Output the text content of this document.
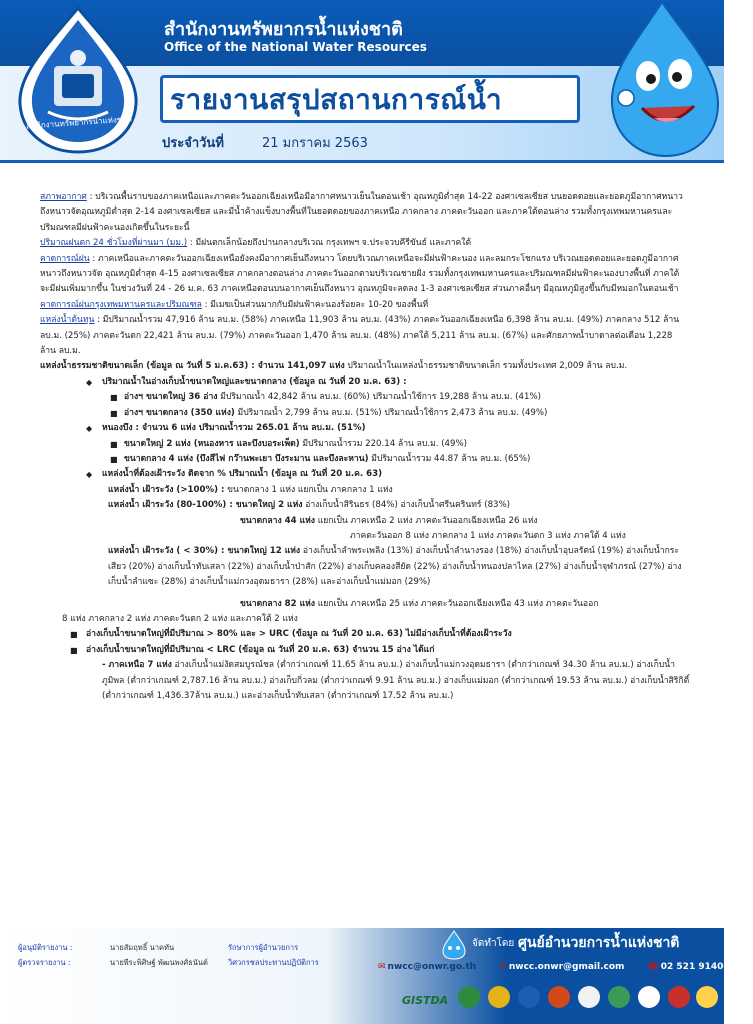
สำนักงานทรัพยากรน้ำแห่งชาติ
สำนักงานทรัพยากรน้ำแห่งชาติ
Office of the National Water Resources
รายงานสรุปสถานการณ์น้ำ
ประจำวันที่	21 มกราคม 2563

สภาพอากาศ : บริเวณพื้นราบของภาคเหนือและภาคตะวันออกเฉียงเหนือมีอากาศหนาวเย็นในตอนเช้า อุณหภูมิต่ำสุด 14-22 องศาเซลเซียส บนยอดดอยและยอดภูมีอากาศหนาวถึงหนาวจัดอุณหภูมิต่ำสุด 2-14 องศาเซลเซียส และมีน้ำค้างแข็งบางพื้นที่ในยอดดอยของภาคเหนือ ภาคกลาง ภาคตะวันออก และภาคใต้ตอนล่าง รวมทั้งกรุงเทพมหานครและปริมณฑลมีฝนฟ้าคะนองเกิดขึ้นในระยะนี้

ปริมาณฝนตก 24 ชั่วโมงที่ผ่านมา (มม.) : มีฝนตกเล็กน้อยถึงปานกลางบริเวณ กรุงเทพฯ จ.ประจวบคีรีขันธ์ และภาคใต้

คาดการณ์ฝน : ภาคเหนือและภาคตะวันออกเฉียงเหนือยังคงมีอากาศเย็นถึงหนาว โดยบริเวณภาคเหนือจะมีฝนฟ้าคะนอง และลมกระโชกแรง บริเวณยอดดอยและยอดภูมีอากาศหนาวถึงหนาวจัด อุณหภูมิต่ำสุด 4-15 องศาเซลเซียส ภาคกลางตอนล่าง ภาคตะวันออกตามบริเวณชายฝั่ง รวมทั้งกรุงเทพมหานครและปริมณฑลมีฝนฟ้าคะนองบางพื้นที่ ภาคใต้ จะมีฝนเพิ่มมากขึ้น ในช่วงวันที่ 24 - 26 ม.ค. 63 ภาคเหนือตอนบนอากาศเย็นถึงหนาว อุณหภูมิจะลดลง 1-3 องศาเซลเซียส ส่วนภาคอื่นๆ มีอุณหภูมิสูงขึ้นกับมีหมอกในตอนเช้า

คาดการณ์ฝนกรุงเทพมหานครและปริมณฑล : มีเมฆเป็นส่วนมากกับมีฝนฟ้าคะนองร้อยละ 10-20 ของพื้นที่

แหล่งน้ำต้นทุน : มีปริมาณน้ำรวม 47,916 ล้าน ลบ.ม. (58%) ภาคเหนือ 11,903 ล้าน ลบ.ม. (43%) ภาคตะวันออกเฉียงเหนือ 6,398 ล้าน ลบ.ม. (49%) ภาคกลาง 512 ล้าน ลบ.ม. (25%) ภาคตะวันตก 22,421 ล้าน ลบ.ม. (79%) ภาคตะวันออก 1,470 ล้าน ลบ.ม. (48%) ภาคใต้ 5,211 ล้าน ลบ.ม. (67%) และศักยภาพน้ำบาดาลต่อเดือน 1,228 ล้าน ลบ.ม.

แหล่งน้ำธรรมชาติขนาดเล็ก (ข้อมูล ณ วันที่ 5 ม.ค.63) : จำนวน 141,097 แห่ง ปริมาณน้ำในแหล่งน้ำธรรมชาติขนาดเล็ก รวมทั้งประเทศ 2,009 ล้าน ลบ.ม.

◆ ปริมาณน้ำในอ่างเก็บน้ำขนาดใหญ่และขนาดกลาง (ข้อมูล ณ วันที่ 20 ม.ค. 63) :

■ อ่างฯ ขนาดใหญ่ 36 อ่าง มีปริมาณน้ำ 42,842 ล้าน ลบ.ม. (60%) ปริมาณน้ำใช้การ 19,288 ล้าน ลบ.ม. (41%)

■ อ่างฯ ขนาดกลาง (350 แห่ง) มีปริมาณน้ำ 2,799 ล้าน ลบ.ม. (51%) ปริมาณน้ำใช้การ 2,473 ล้าน ลบ.ม. (49%)

◆ หนองบึง : จำนวน 6 แห่ง ปริมาณน้ำรวม 265.01 ล้าน ลบ.ม. (51%)

■ ขนาดใหญ่ 2 แห่ง (หนองหาร และบึงบอระเพ็ด) มีปริมาณน้ำรวม 220.14 ล้าน ลบ.ม. (49%)

■ ขนาดกลาง 4 แห่ง (บึงสีไฟ กว๊านพะเยา บึงระมาน และบึงละหาน) มีปริมาณน้ำรวม 44.87 ล้าน ลบ.ม. (65%)

◆ แหล่งน้ำที่ต้องเฝ้าระวัง ติดจาก % ปริมาณน้ำ (ข้อมูล ณ วันที่ 20 ม.ค. 63)

แหล่งน้ำ เฝ้าระวัง (>100%) : ขนาดกลาง 1 แห่ง แยกเป็น ภาคกลาง 1 แห่ง

แหล่งน้ำ เฝ้าระวัง (80-100%) : ขนาดใหญ่ 2 แห่ง อ่างเก็บน้ำสิรินธร (84%) อ่างเก็บน้ำศรีนครินทร์ (83%)

ขนาดกลาง 44 แห่ง แยกเป็น ภาคเหนือ 2 แห่ง ภาคตะวันออกเฉียงเหนือ 26 แห่ง

ภาคตะวันออก 8 แห่ง ภาคกลาง 1 แห่ง ภาคตะวันตก 3 แห่ง ภาคใต้ 4 แห่ง

แหล่งน้ำ เฝ้าระวัง ( < 30%) : ขนาดใหญ่ 12 แห่ง อ่างเก็บน้ำลำพระเพลิง (13%) อ่างเก็บน้ำลำนางรอง (18%) อ่างเก็บน้ำอุบลรัตน์ (19%) อ่างเก็บน้ำกระเสียว (20%) อ่างเก็บน้ำทับเสลา (22%) อ่างเก็บน้ำป่าสัก (22%) อ่างเก็บคลองสียัด (22%) อ่างเก็บน้ำหนองปลาไหล (27%) อ่างเก็บน้ำจุฬาภรณ์ (27%) อ่างเก็บน้ำลำแซะ (28%) อ่างเก็บน้ำแม่กวงอุดมธารา (28%) และอ่างเก็บน้ำแม่มอก (29%)

ขนาดกลาง 82 แห่ง แยกเป็น ภาคเหนือ 25 แห่ง ภาคตะวันออกเฉียงเหนือ 43 แห่ง ภาคตะวันออก

8 แห่ง ภาคกลาง 2 แห่ง ภาคตะวันตก 2 แห่ง และภาคใต้ 2 แห่ง

■ อ่างเก็บน้ำขนาดใหญ่ที่มีปริมาณ > 80% และ > URC (ข้อมูล ณ วันที่ 20 ม.ค. 63) ไม่มีอ่างเก็บน้ำที่ต้องเฝ้าระวัง

■ อ่างเก็บน้ำขนาดใหญ่ที่มีปริมาณ < LRC (ข้อมูล ณ วันที่ 20 ม.ค. 63) จำนวน 15 อ่าง ได้แก่

- ภาคเหนือ 7 แห่ง อ่างเก็บน้ำแม่งัดสมบูรณ์ชล (ต่ำกว่าเกณฑ์ 11.65 ล้าน ลบ.ม.) อ่างเก็บน้ำแม่กวงอุดมธารา (ต่ำกว่าเกณฑ์ 34.30 ล้าน ลบ.ม.) อ่างเก็บน้ำภูมิพล (ต่ำกว่าเกณฑ์ 2,787.16 ล้าน ลบ.ม.) อ่างเก็บกิ่วลม (ต่ำกว่าเกณฑ์ 9.91 ล้าน ลบ.ม.) อ่างเก็บแม่มอก (ต่ำกว่าเกณฑ์ 19.53 ล้าน ลบ.ม.) อ่างเก็บน้ำสิริกิติ์ (ต่ำกว่าเกณฑ์ 1,436.37ล้าน ลบ.ม.) และอ่างเก็บน้ำทับเสลา (ต่ำกว่าเกณฑ์ 17.52 ล้าน ลบ.ม.)

ผู้อนุมัติรายงาน :	นายสัมฤทธิ์ นาคทัน	รักษาการผู้อำนวยการ
ผู้ตรวจรายงาน :	นายพีระพิศิษฐ์ พัฒนพงศ์ธนันต์	วิศวกรชลประทานปฏิบัติการ
จัดทำโดย :
ศูนย์อำนวยการน้ำแห่งชาติ
✉ nwcc@onwr.go.th	✉ nwcc.onwr@gmail.com	☎ 02 521 9140-8
GISTDA
